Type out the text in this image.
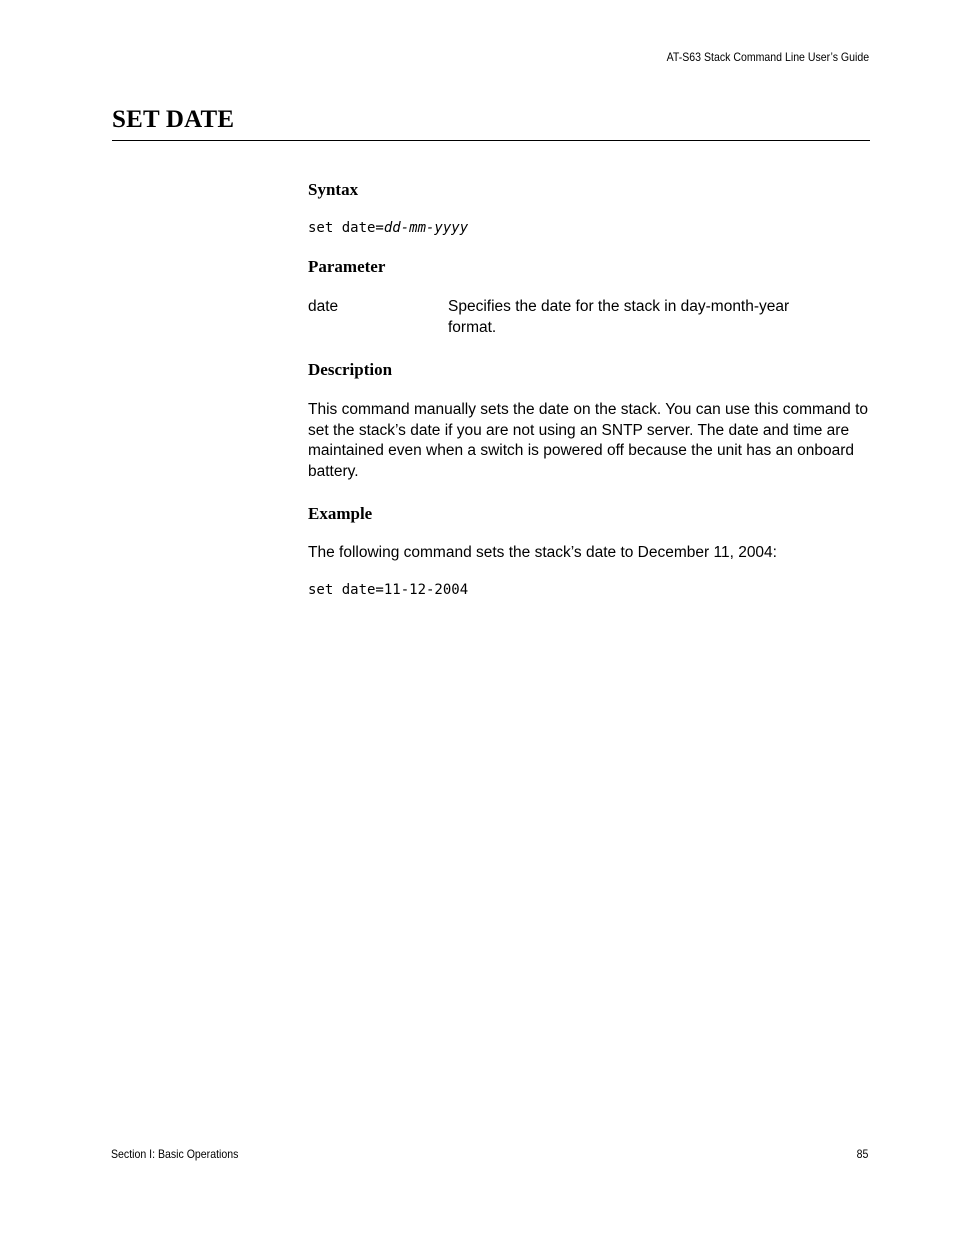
AT-S63 Stack Command Line User’s Guide
SET DATE
Syntax
set date=dd-mm-yyyy
Parameter
date	Specifies the date for the stack in day-month-year format.
Description
This command manually sets the date on the stack. You can use this command to set the stack’s date if you are not using an SNTP server. The date and time are maintained even when a switch is powered off because the unit has an onboard battery.
Example
The following command sets the stack’s date to December 11, 2004:
set date=11-12-2004
Section I: Basic Operations	85
